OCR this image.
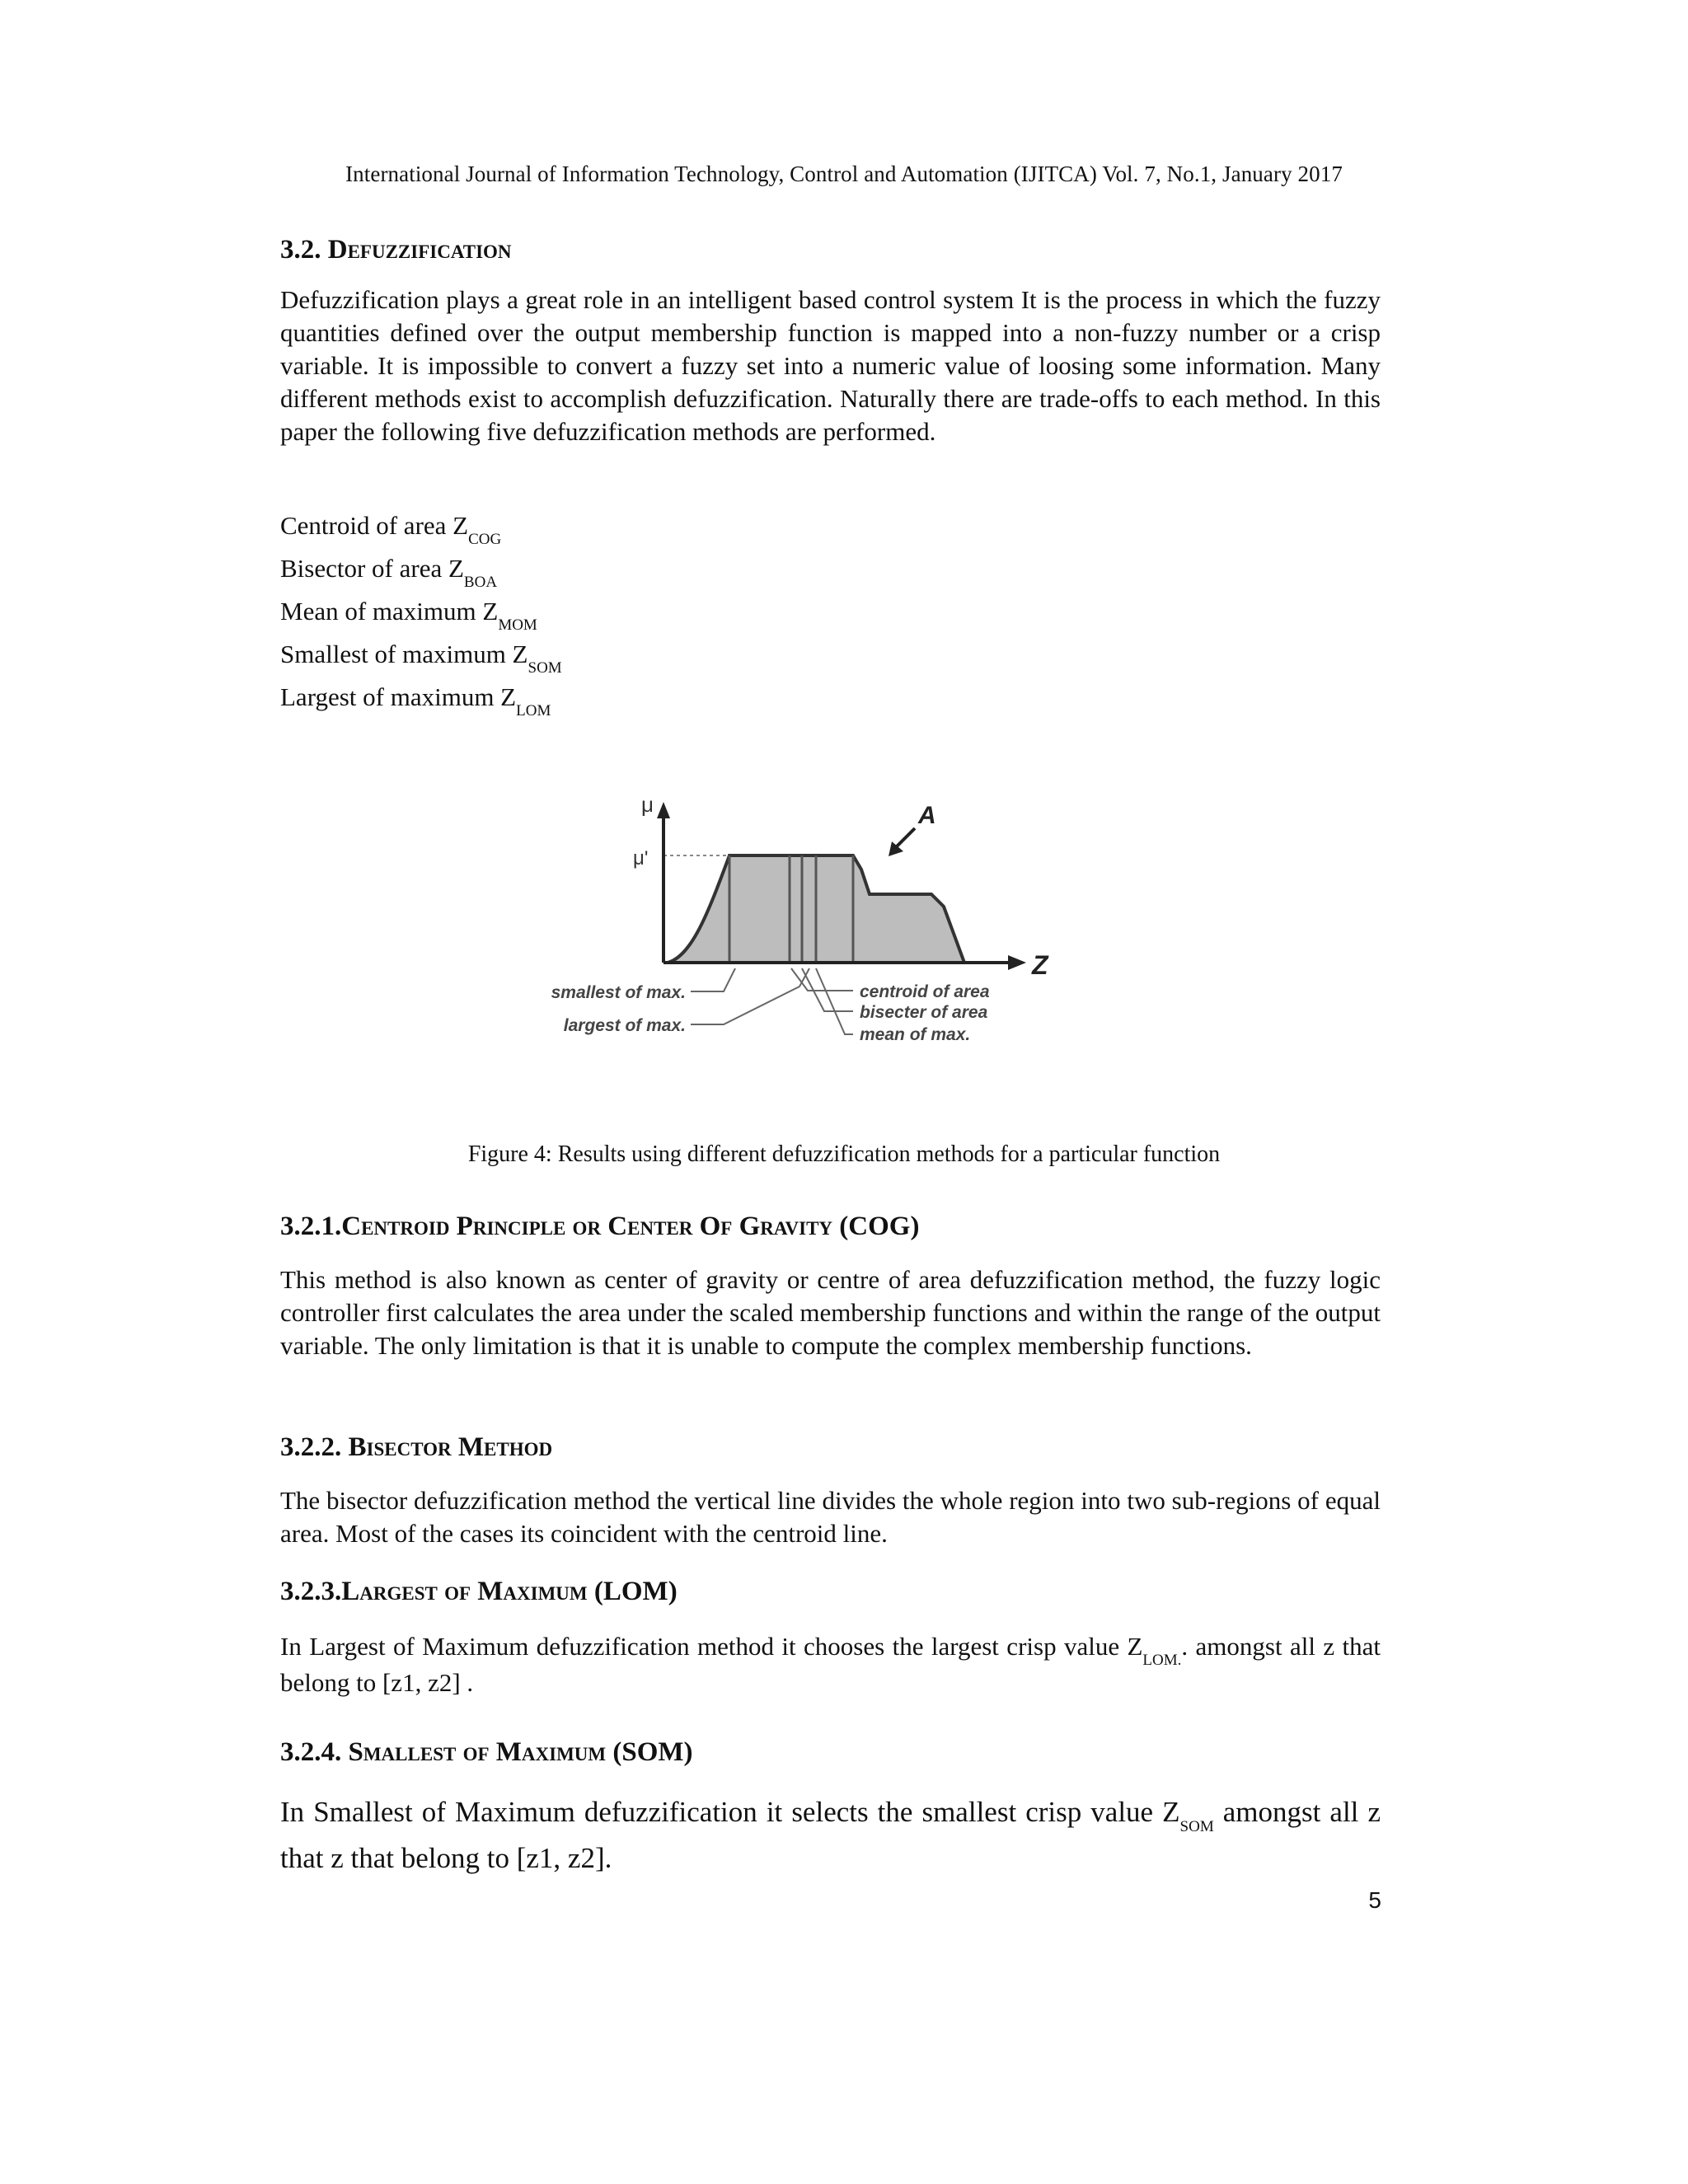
International Journal of Information Technology, Control and Automation (IJITCA) Vol. 7, No.1, January 2017
3.2. Defuzzification

Defuzzification plays a great role in an intelligent based control system It is the process in which the fuzzy quantities defined over the output membership function is mapped into a non-fuzzy number or a crisp variable. It is impossible to convert a fuzzy set into a numeric value of loosing some information. Many different methods exist to accomplish defuzzification. Naturally there are trade-offs to each method. In this paper the following five defuzzification methods are performed.

Centroid of area $Z_{COG}$
Bisector of area $Z_{BOA}$
Mean of maximum $Z_{MOM}$
Smallest of maximum $Z_{SOM}$
Largest of maximum $Z_{LOM}$
μ
μ'
Z
A
smallest of max.
largest of max.
centroid of area
bisecter of area
mean of max.
Figure 4: Results using different defuzzification methods for a particular function
3.2.1.Centroid Principle or Center Of Gravity (COG)

This method is also known as center of gravity or centre of area defuzzification method, the fuzzy logic controller first calculates the area under the scaled membership functions and within the range of the output variable. The only limitation is that it is unable to compute the complex membership functions.

3.2.2. Bisector Method

The bisector defuzzification method the vertical line divides the whole region into two sub-regions of equal area. Most of the cases its coincident with the centroid line.

3.2.3.Largest of Maximum (LOM)

In Largest of Maximum defuzzification method it chooses the largest crisp value $Z_{LOM.}$. amongst all z that belong to [z1, z2] .

3.2.4. Smallest of Maximum (SOM)

In Smallest of Maximum defuzzification it selects the smallest crisp value $Z_{SOM}$ amongst all z that z that belong to [z1, z2].

5
